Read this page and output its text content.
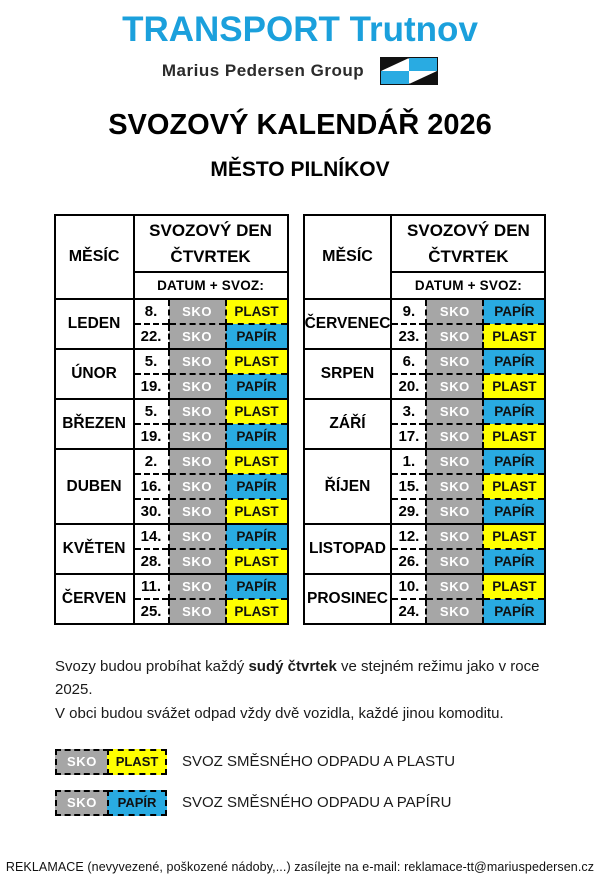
TRANSPORT Trutnov
Marius Pedersen Group
SVOZOVÝ KALENDÁŘ 2026
MĚSTO PILNÍKOV
MĚSÍC	SVOZOVÝ DEN
ČTVRTEK		

	DATUM + SVOZ:		
LEDEN	8.	SKO	PLAST
	22.	SKO	PAPÍR
ÚNOR	5.	SKO	PLAST
	19.	SKO	PAPÍR
BŘEZEN	5.	SKO	PLAST
	19.	SKO	PAPÍR
DUBEN	2.	SKO	PLAST
	16.	SKO	PAPÍR
	30.	SKO	PLAST
KVĚTEN	14.	SKO	PAPÍR
	28.	SKO	PLAST
ČERVEN	11.	SKO	PAPÍR
	25.	SKO	PLAST
MĚSÍC	SVOZOVÝ DEN
ČTVRTEK		

	DATUM + SVOZ:		
ČERVENEC	9.	SKO	PAPÍR
	23.	SKO	PLAST
SRPEN	6.	SKO	PAPÍR
	20.	SKO	PLAST
ZÁŘÍ	3.	SKO	PAPÍR
	17.	SKO	PLAST
ŘÍJEN	1.	SKO	PAPÍR
	15.	SKO	PLAST
	29.	SKO	PAPÍR
LISTOPAD	12.	SKO	PLAST
	26.	SKO	PAPÍR
PROSINEC	10.	SKO	PLAST
	24.	SKO	PAPÍR

Svozy budou probíhat každý sudý čtvrtek ve stejném režimu jako v roce 2025.
V obci budou svážet odpad vždy dvě vozidla, každé jinou komoditu.

SKO	PLAST	SVOZ SMĚSNÉHO ODPADU A PLASTU
SKO	PAPÍR	SVOZ SMĚSNÉHO ODPADU A PAPÍRU
REKLAMACE (nevyvezené, poškozené nádoby,...) zasílejte na e-mail: reklamace-tt@mariuspedersen.cz
